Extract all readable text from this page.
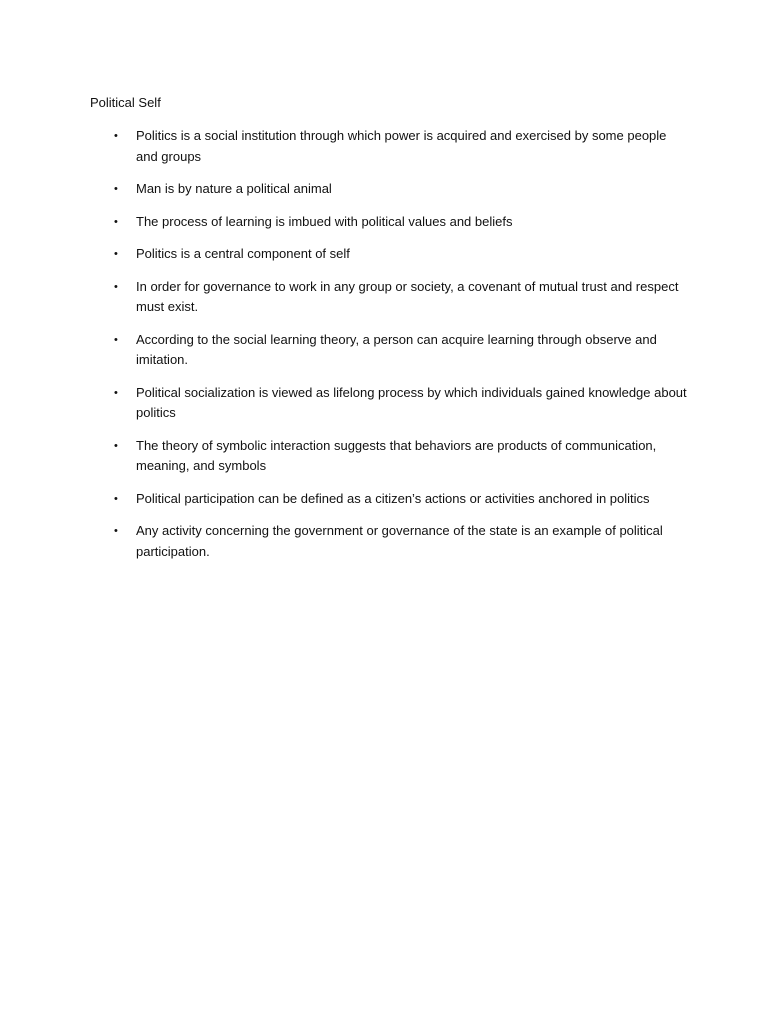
Political Self
• Politics is a social institution through which power is acquired and exercised by some people and groups
• Man is by nature a political animal
• The process of learning is imbued with political values and beliefs
• Politics is a central component of self
• In order for governance to work in any group or society, a covenant of mutual trust and respect must exist.
• According to the social learning theory, a person can acquire learning through observe and imitation.
• Political socialization is viewed as lifelong process by which individuals gained knowledge about politics
• The theory of symbolic interaction suggests that behaviors are products of communication, meaning, and symbols
• Political participation can be defined as a citizen’s actions or activities anchored in politics
• Any activity concerning the government or governance of the state is an example of political participation.
